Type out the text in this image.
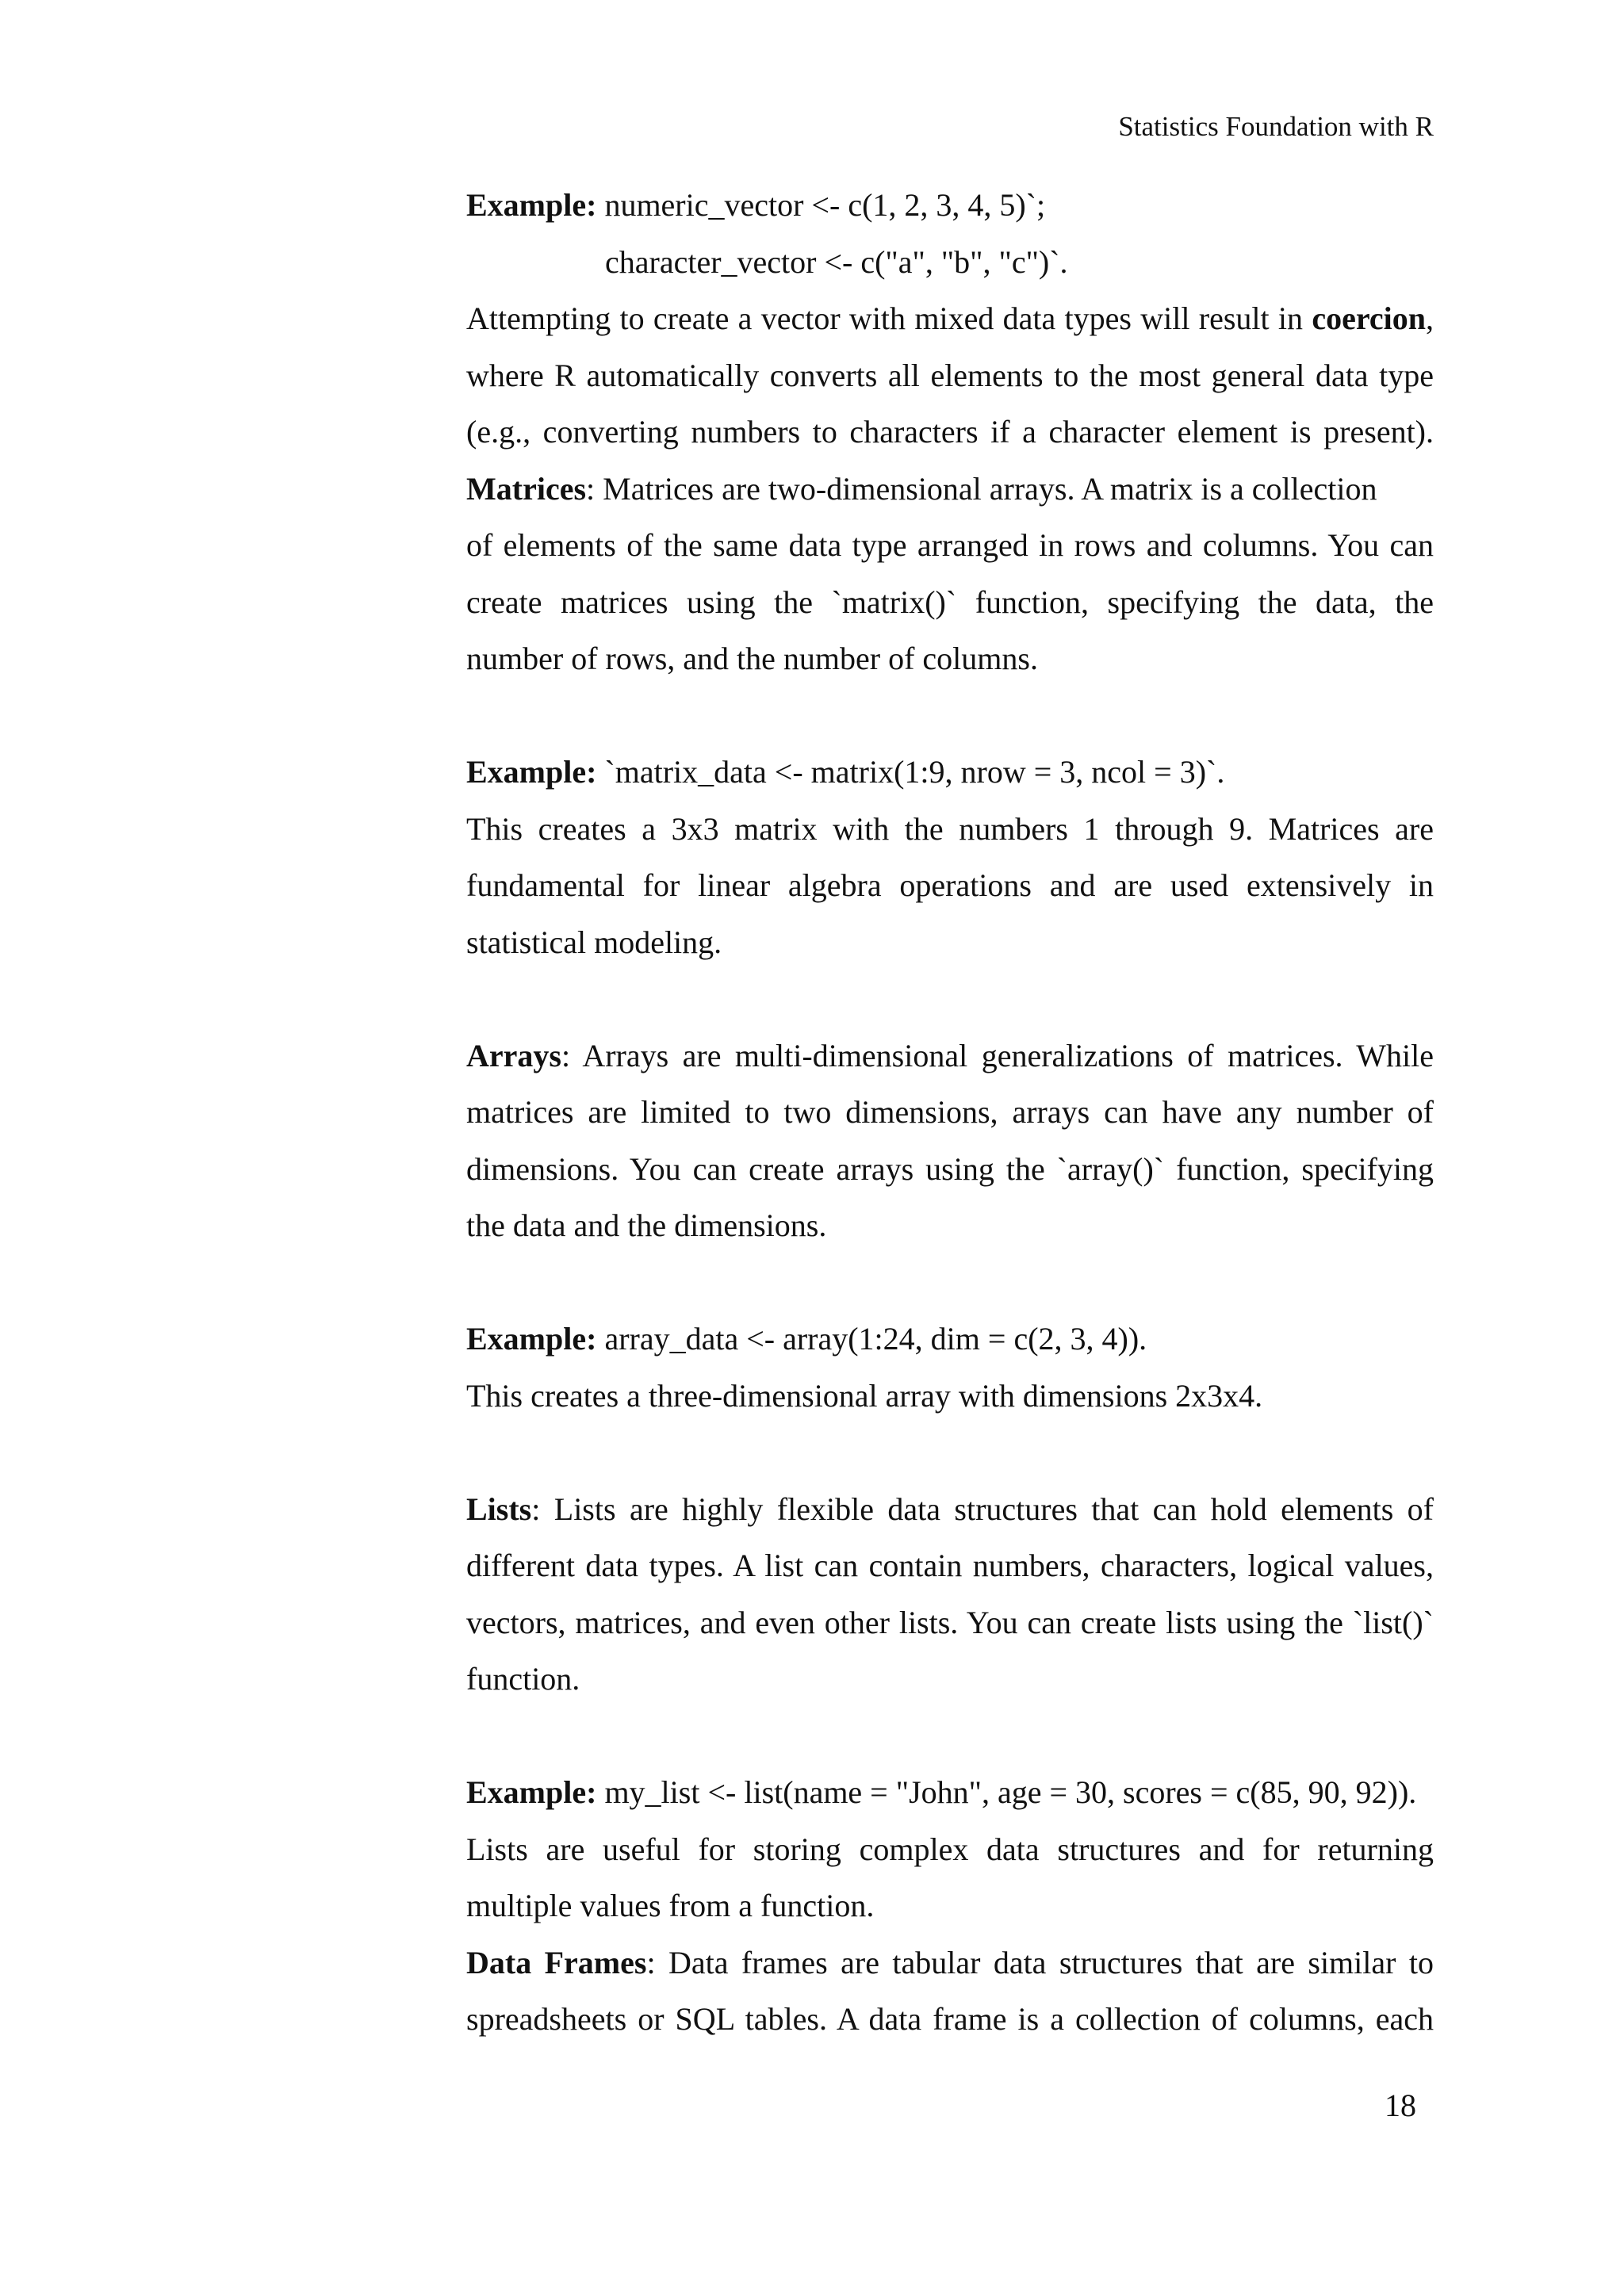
Statistics Foundation with R
Example: numeric_vector <- c(1, 2, 3, 4, 5)`;
character_vector <- c("a", "b", "c")`.
Attempting to create a vector with mixed data types will result in coercion,
where R automatically converts all elements to the most general data type
(e.g., converting numbers to characters if a character element is present).
Matrices: Matrices are two-dimensional arrays. A matrix is a collection
of elements of the same data type arranged in rows and columns. You can
create matrices using the `matrix()` function, specifying the data, the
number of rows, and the number of columns.
Example: `matrix_data <- matrix(1:9, nrow = 3, ncol = 3)`.
This creates a 3x3 matrix with the numbers 1 through 9. Matrices are
fundamental for linear algebra operations and are used extensively in
statistical modeling.
Arrays: Arrays are multi-dimensional generalizations of matrices. While
matrices are limited to two dimensions, arrays can have any number of
dimensions. You can create arrays using the `array()` function, specifying
the data and the dimensions.
Example: array_data <- array(1:24, dim = c(2, 3, 4)).
This creates a three-dimensional array with dimensions 2x3x4.
Lists: Lists are highly flexible data structures that can hold elements of
different data types. A list can contain numbers, characters, logical values,
vectors, matrices, and even other lists. You can create lists using the `list()`
function.
Example: my_list <- list(name = "John", age = 30, scores = c(85, 90, 92)).
Lists are useful for storing complex data structures and for returning
multiple values from a function.
Data Frames: Data frames are tabular data structures that are similar to
spreadsheets or SQL tables. A data frame is a collection of columns, each
18
